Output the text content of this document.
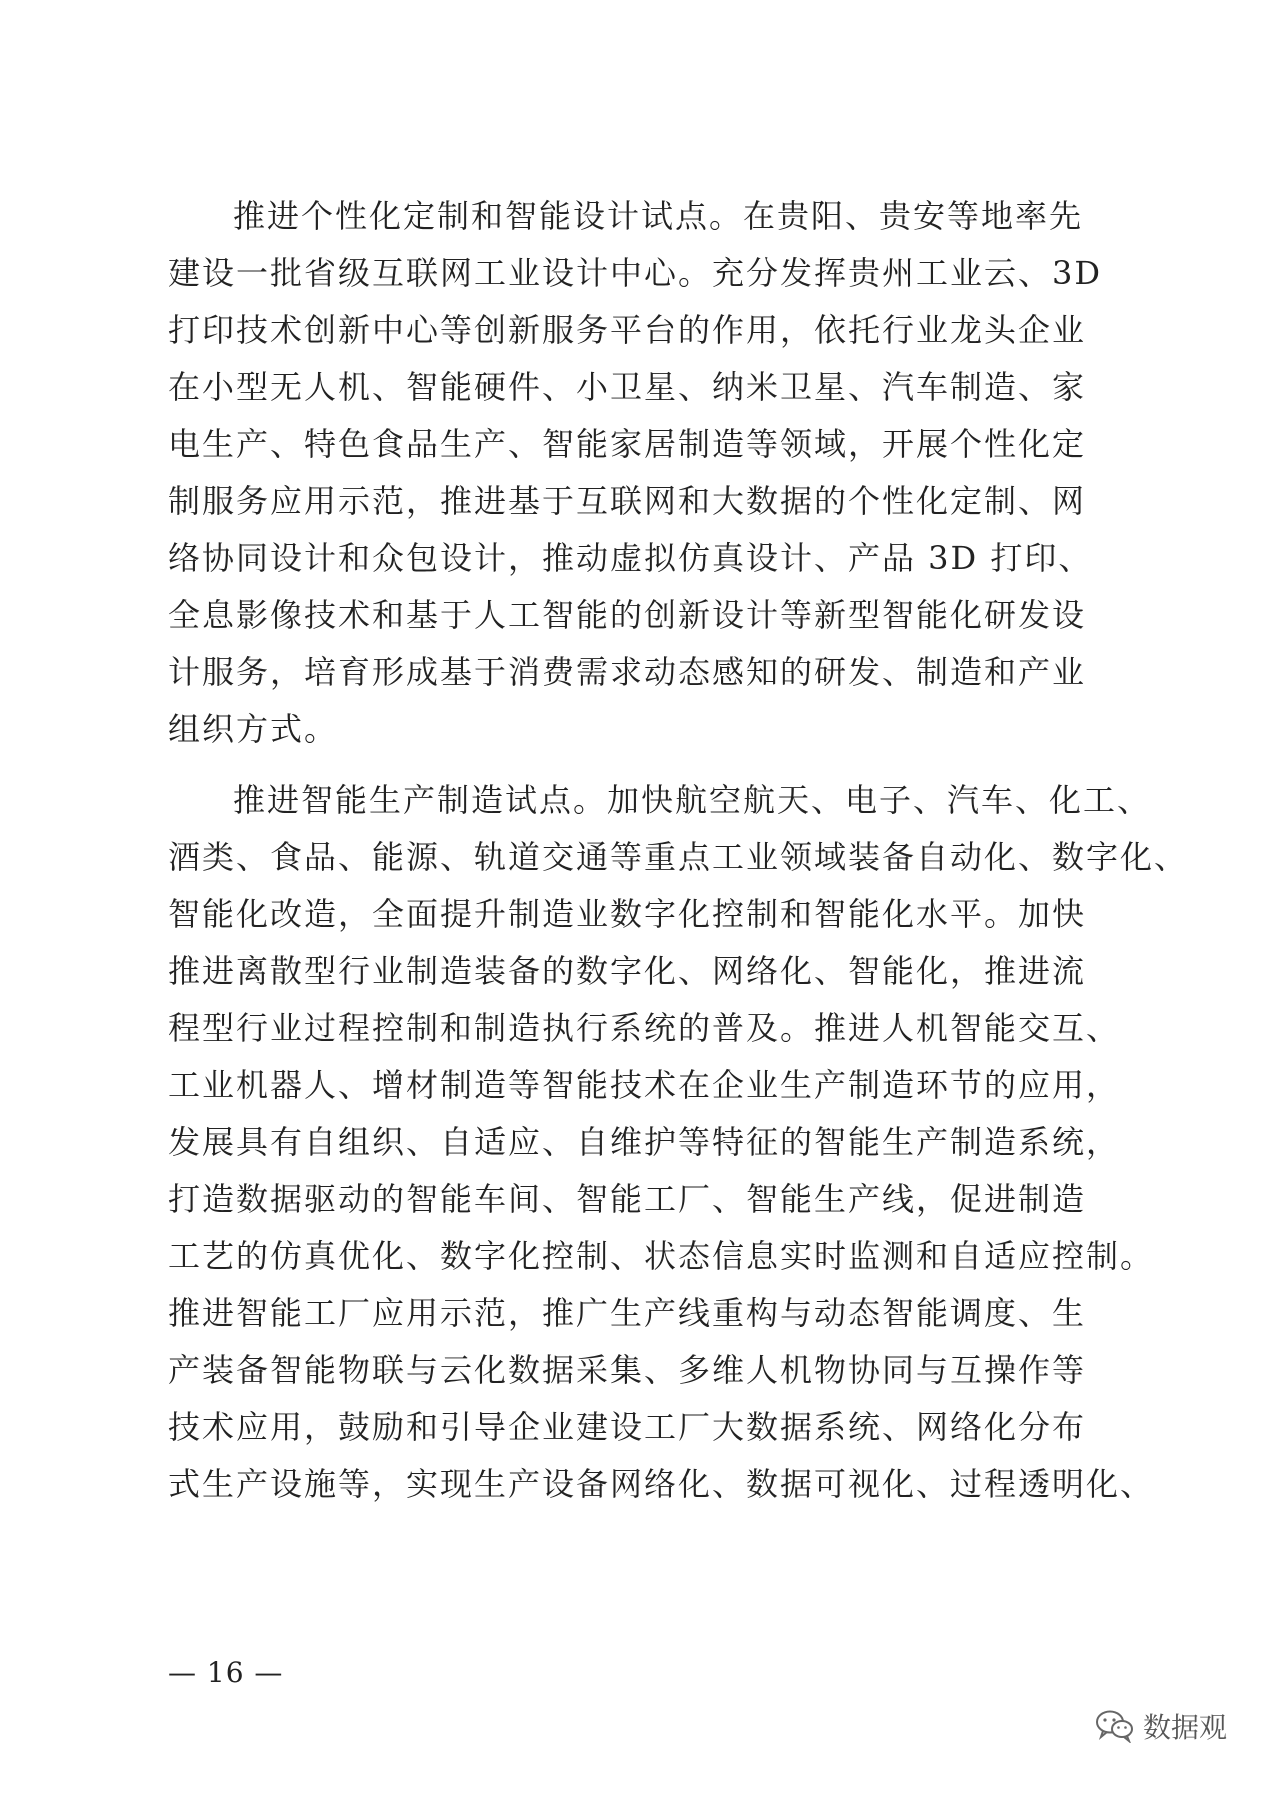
推进个性化定制和智能设计试点。在贵阳、贵安等地率先
建设一批省级互联网工业设计中心。充分发挥贵州工业云、3D
打印技术创新中心等创新服务平台的作用，依托行业龙头企业
在小型无人机、智能硬件、小卫星、纳米卫星、汽车制造、家
电生产、特色食品生产、智能家居制造等领域，开展个性化定
制服务应用示范，推进基于互联网和大数据的个性化定制、网
络协同设计和众包设计，推动虚拟仿真设计、产品 3D 打印、
全息影像技术和基于人工智能的创新设计等新型智能化研发设
计服务，培育形成基于消费需求动态感知的研发、制造和产业
组织方式。
推进智能生产制造试点。加快航空航天、电子、汽车、化工、
酒类、食品、能源、轨道交通等重点工业领域装备自动化、数字化、
智能化改造，全面提升制造业数字化控制和智能化水平。加快
推进离散型行业制造装备的数字化、网络化、智能化，推进流
程型行业过程控制和制造执行系统的普及。推进人机智能交互、
工业机器人、增材制造等智能技术在企业生产制造环节的应用，
发展具有自组织、自适应、自维护等特征的智能生产制造系统，
打造数据驱动的智能车间、智能工厂、智能生产线，促进制造
工艺的仿真优化、数字化控制、状态信息实时监测和自适应控制。
推进智能工厂应用示范，推广生产线重构与动态智能调度、生
产装备智能物联与云化数据采集、多维人机物协同与互操作等
技术应用，鼓励和引导企业建设工厂大数据系统、网络化分布
式生产设施等，实现生产设备网络化、数据可视化、过程透明化、
— 16 —
数据观
